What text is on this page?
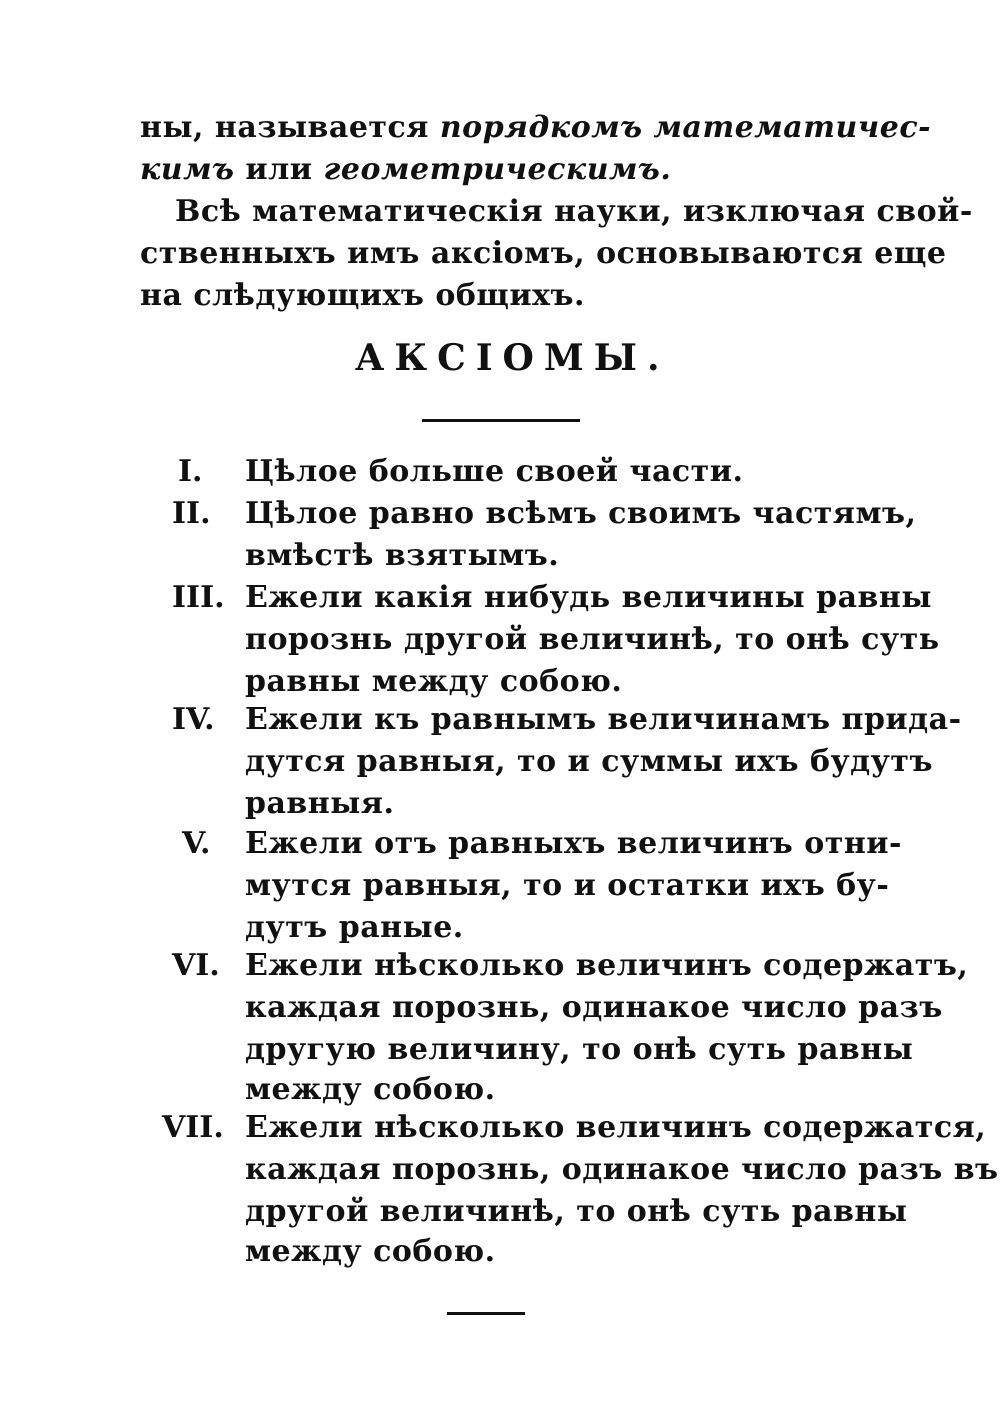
ны, называется порядкомъ математичес-
кимъ или геометрическимъ.
Всѣ математическія науки, изключая свой-
ственныхъ имъ аксiомъ, основываются еще
на слѣдующихъ общихъ.
АКСIОМЫ.
I. Цѣлое больше своей части.
II. Цѣлое равно всѣмъ своимъ частямъ,
вмѣстѣ взятымъ.
III. Ежели какія нибудь величины равны
порознь другой величинѣ, то онѣ суть
равны между собою.
IV. Ежели къ равнымъ величинамъ прида-
дутся равныя, то и суммы ихъ будутъ
равныя.
V. Ежели отъ равныхъ величинъ отни-
мутся равныя, то и остатки ихъ бу-
дутъ раные.
VI. Ежели нѣсколько величинъ содержатъ,
каждая порознь, одинакое число разъ
другую величину, то онѣ суть равны
между собою.
VII. Ежели нѣсколько величинъ содержатся,
каждая порознь, одинакое число разъ въ
другой величинѣ, то онѣ суть равны
между собою.
